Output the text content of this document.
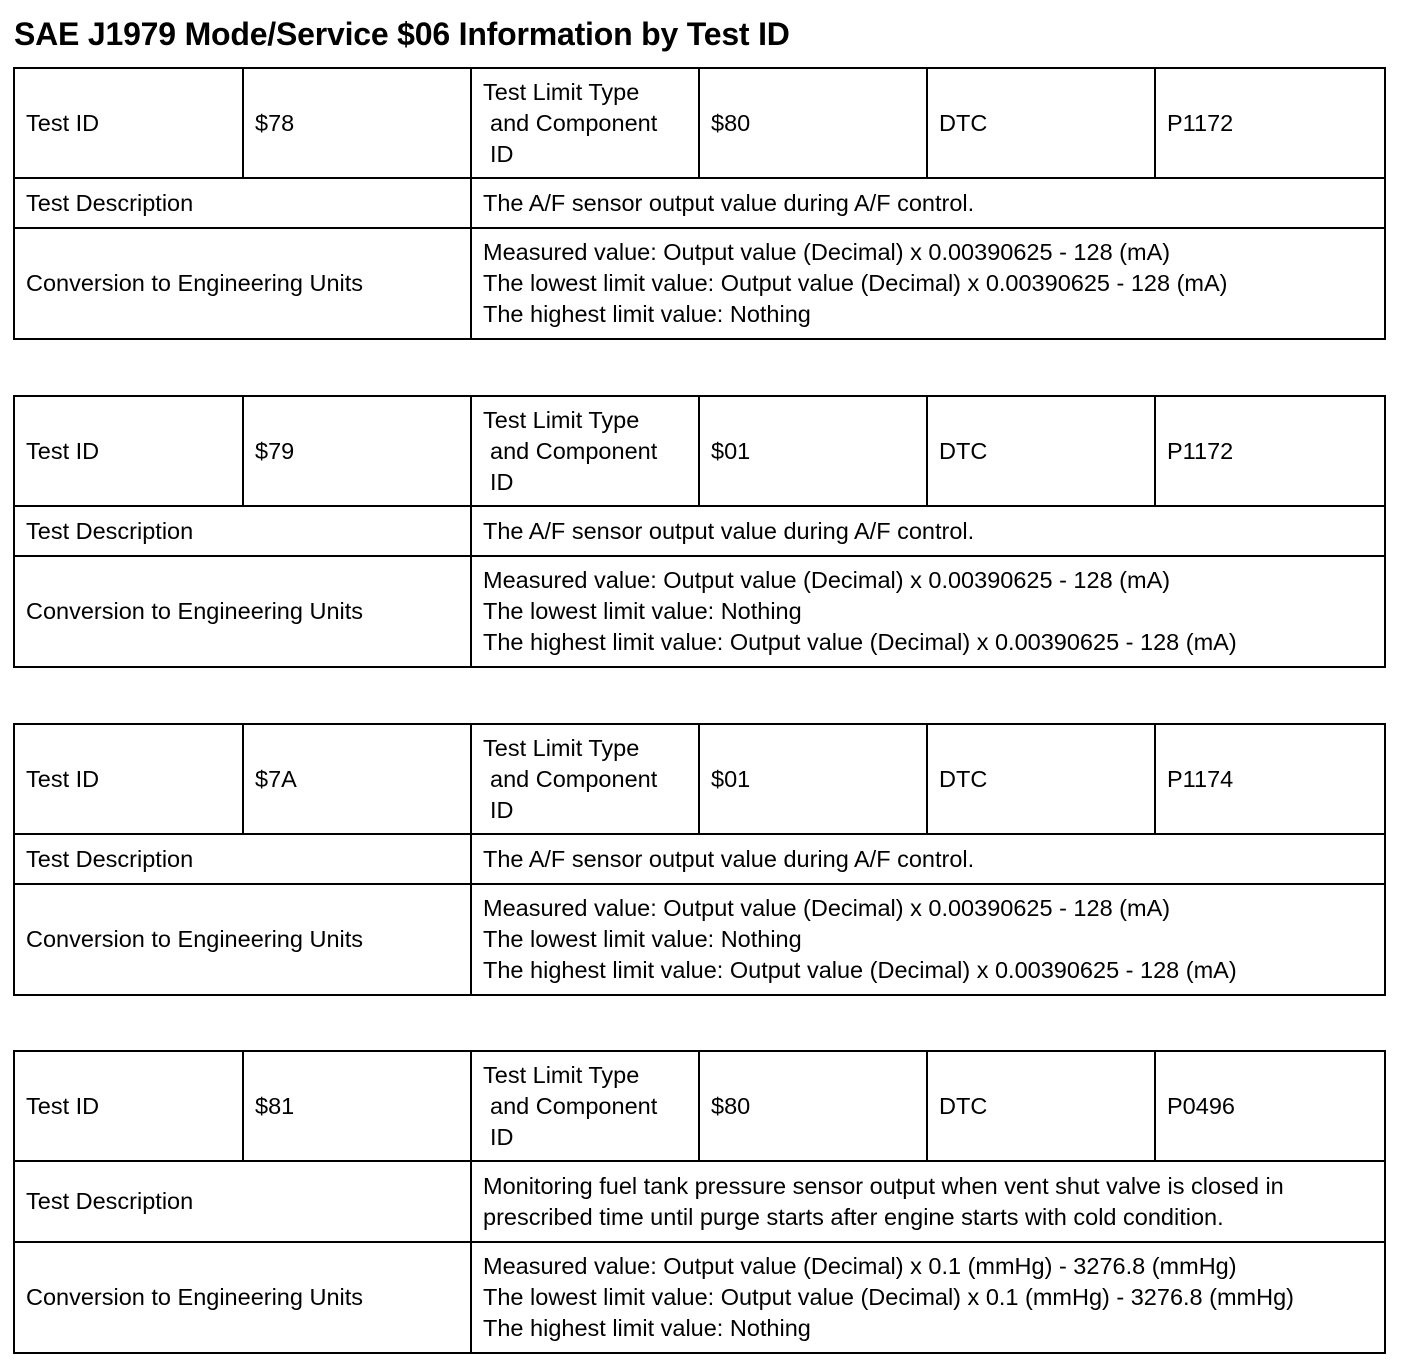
SAE J1979 Mode/Service $06 Information by Test ID
Test ID	$78	Test Limit Type
and Component
ID	$80	DTC	P1172
Test Description		The A/F sensor output value during A/F control.			

Conversion to Engineering Units		Measured value: Output value (Decimal) x 0.00390625 - 128 (mA)
The lowest limit value: Output value (Decimal) x 0.00390625 - 128 (mA)
The highest limit value: Nothing			
Test ID	$79	Test Limit Type
and Component
ID	$01	DTC	P1172
Test Description		The A/F sensor output value during A/F control.			

Conversion to Engineering Units		Measured value: Output value (Decimal) x 0.00390625 - 128 (mA)
The lowest limit value: Nothing
The highest limit value: Output value (Decimal) x 0.00390625 - 128 (mA)			
Test ID	$7A	Test Limit Type
and Component
ID	$01	DTC	P1174
Test Description		The A/F sensor output value during A/F control.			

Conversion to Engineering Units		Measured value: Output value (Decimal) x 0.00390625 - 128 (mA)
The lowest limit value: Nothing
The highest limit value: Output value (Decimal) x 0.00390625 - 128 (mA)			
Test ID	$81	Test Limit Type
and Component
ID	$80	DTC	P0496
Test Description		Monitoring fuel tank pressure sensor output when vent shut valve is closed in
prescribed time until purge starts after engine starts with cold condition.			

Conversion to Engineering Units		Measured value: Output value (Decimal) x 0.1 (mmHg) - 3276.8 (mmHg)
The lowest limit value: Output value (Decimal) x 0.1 (mmHg) - 3276.8 (mmHg)
The highest limit value: Nothing			
